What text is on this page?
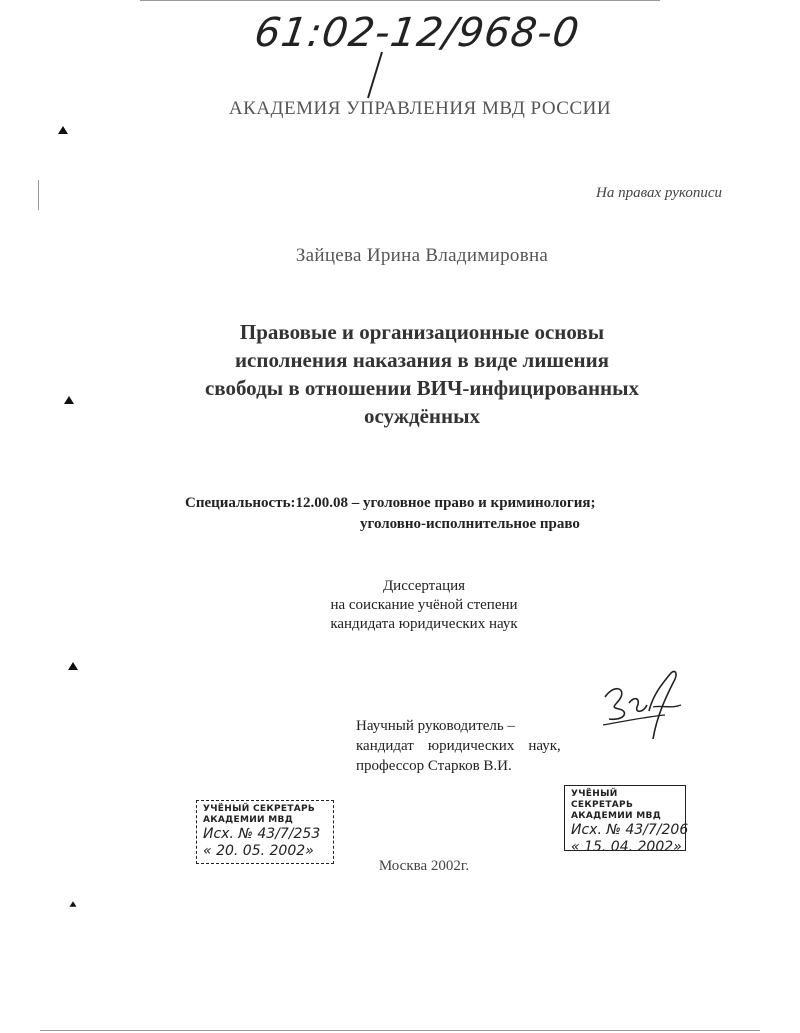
61:02-12/968-0
АКАДЕМИЯ УПРАВЛЕНИЯ МВД РОССИИ
На правах рукописи
Зайцева Ирина Владимировна
Правовые и организационные основы
исполнения наказания в виде лишения
свободы в отношении ВИЧ-инфицированных
осуждённых
Специальность:12.00.08 – уголовное право и криминология;
уголовно-исполнительное право
Диссертация
на соискание учёной степени
кандидата юридических наук
Научный руководитель –
кандидат юридических наук,
профессор Старков В.И.
УЧЁНЫЙ СЕКРЕТАРЬ
АКАДЕМИИ МВД
Исх. № 43/7/253
« 20. 05. 2002»
УЧЁНЫЙ СЕКРЕТАРЬ
АКАДЕМИИ МВД
Исх. № 43/7/206
« 15. 04. 2002»
Москва 2002г.
